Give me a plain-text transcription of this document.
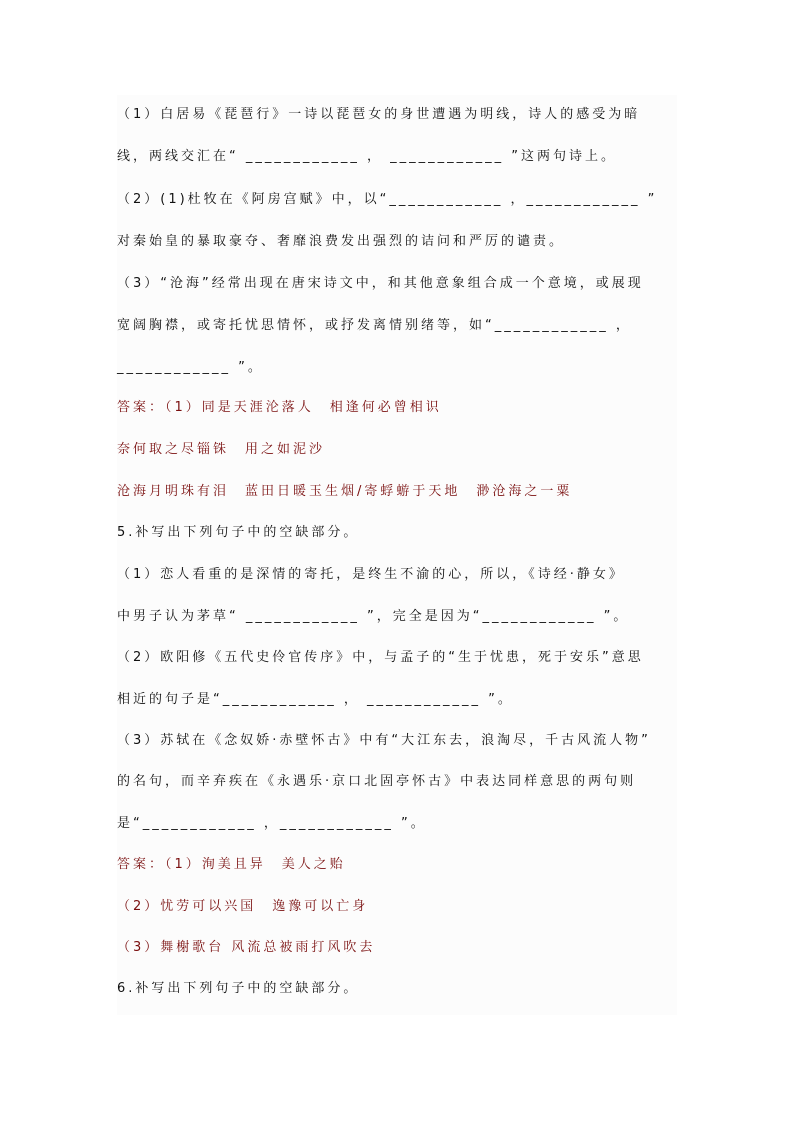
（1）白居易《琵琶行》一诗以琵琶女的身世遭遇为明线，诗人的感受为暗
线，两线交汇在“ ____________ ， ____________ ”这两句诗上。
（2）(1)杜牧在《阿房宫赋》中，以“____________ ，____________ ”
对秦始皇的暴取豪夺、奢靡浪费发出强烈的诘问和严厉的谴责。
（3）“沧海”经常出现在唐宋诗文中，和其他意象组合成一个意境，或展现
宽阔胸襟，或寄托忧思情怀，或抒发离情别绪等，如“____________ ，
____________ ”。
答案：（1）同是天涯沦落人　相逢何必曾相识
奈何取之尽锱铢　用之如泥沙
沧海月明珠有泪　蓝田日暖玉生烟/寄蜉蝣于天地　渺沧海之一粟
5.补写出下列句子中的空缺部分。
（1）恋人看重的是深情的寄托，是终生不渝的心，所以，《诗经·静女》
中男子认为茅草“ ____________ ”，完全是因为“____________ ”。
（2）欧阳修《五代史伶官传序》中，与孟子的“生于忧患，死于安乐”意思
相近的句子是“____________ ， ____________ ”。
（3）苏轼在《念奴娇·赤壁怀古》中有“大江东去，浪淘尽，千古风流人物”
的名句，而辛弃疾在《永遇乐·京口北固亭怀古》中表达同样意思的两句则
是“____________ ，____________ ”。
答案：（1）洵美且异　美人之贻
（2）忧劳可以兴国　逸豫可以亡身
（3）舞榭歌台 风流总被雨打风吹去
6.补写出下列句子中的空缺部分。
